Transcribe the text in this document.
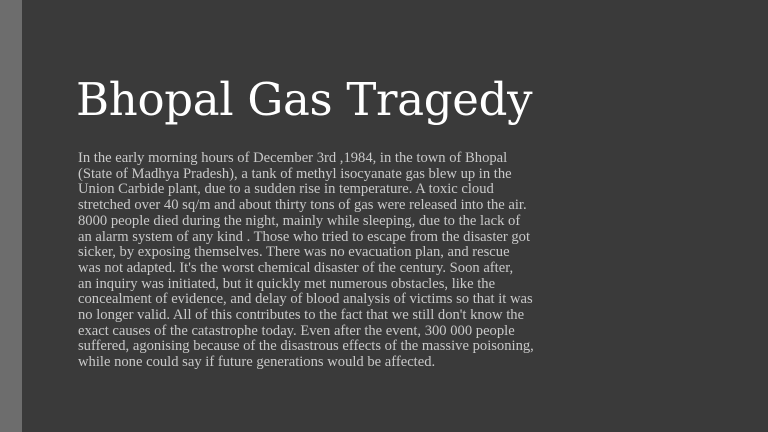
Bhopal Gas Tragedy

In the early morning hours of December 3rd ,1984, in the town of Bhopal
(State of Madhya Pradesh), a tank of methyl isocyanate gas blew up in the
Union Carbide plant, due to a sudden rise in temperature. A toxic cloud
stretched over 40 sq/m and about thirty tons of gas were released into the air.
8000 people died during the night, mainly while sleeping, due to the lack of
an alarm system of any kind . Those who tried to escape from the disaster got
sicker, by exposing themselves. There was no evacuation plan, and rescue
was not adapted. It's the worst chemical disaster of the century. Soon after,
an inquiry was initiated, but it quickly met numerous obstacles, like the
concealment of evidence, and delay of blood analysis of victims so that it was
no longer valid. All of this contributes to the fact that we still don't know the
exact causes of the catastrophe today. Even after the event, 300 000 people
suffered, agonising because of the disastrous effects of the massive poisoning,
while none could say if future generations would be affected.
